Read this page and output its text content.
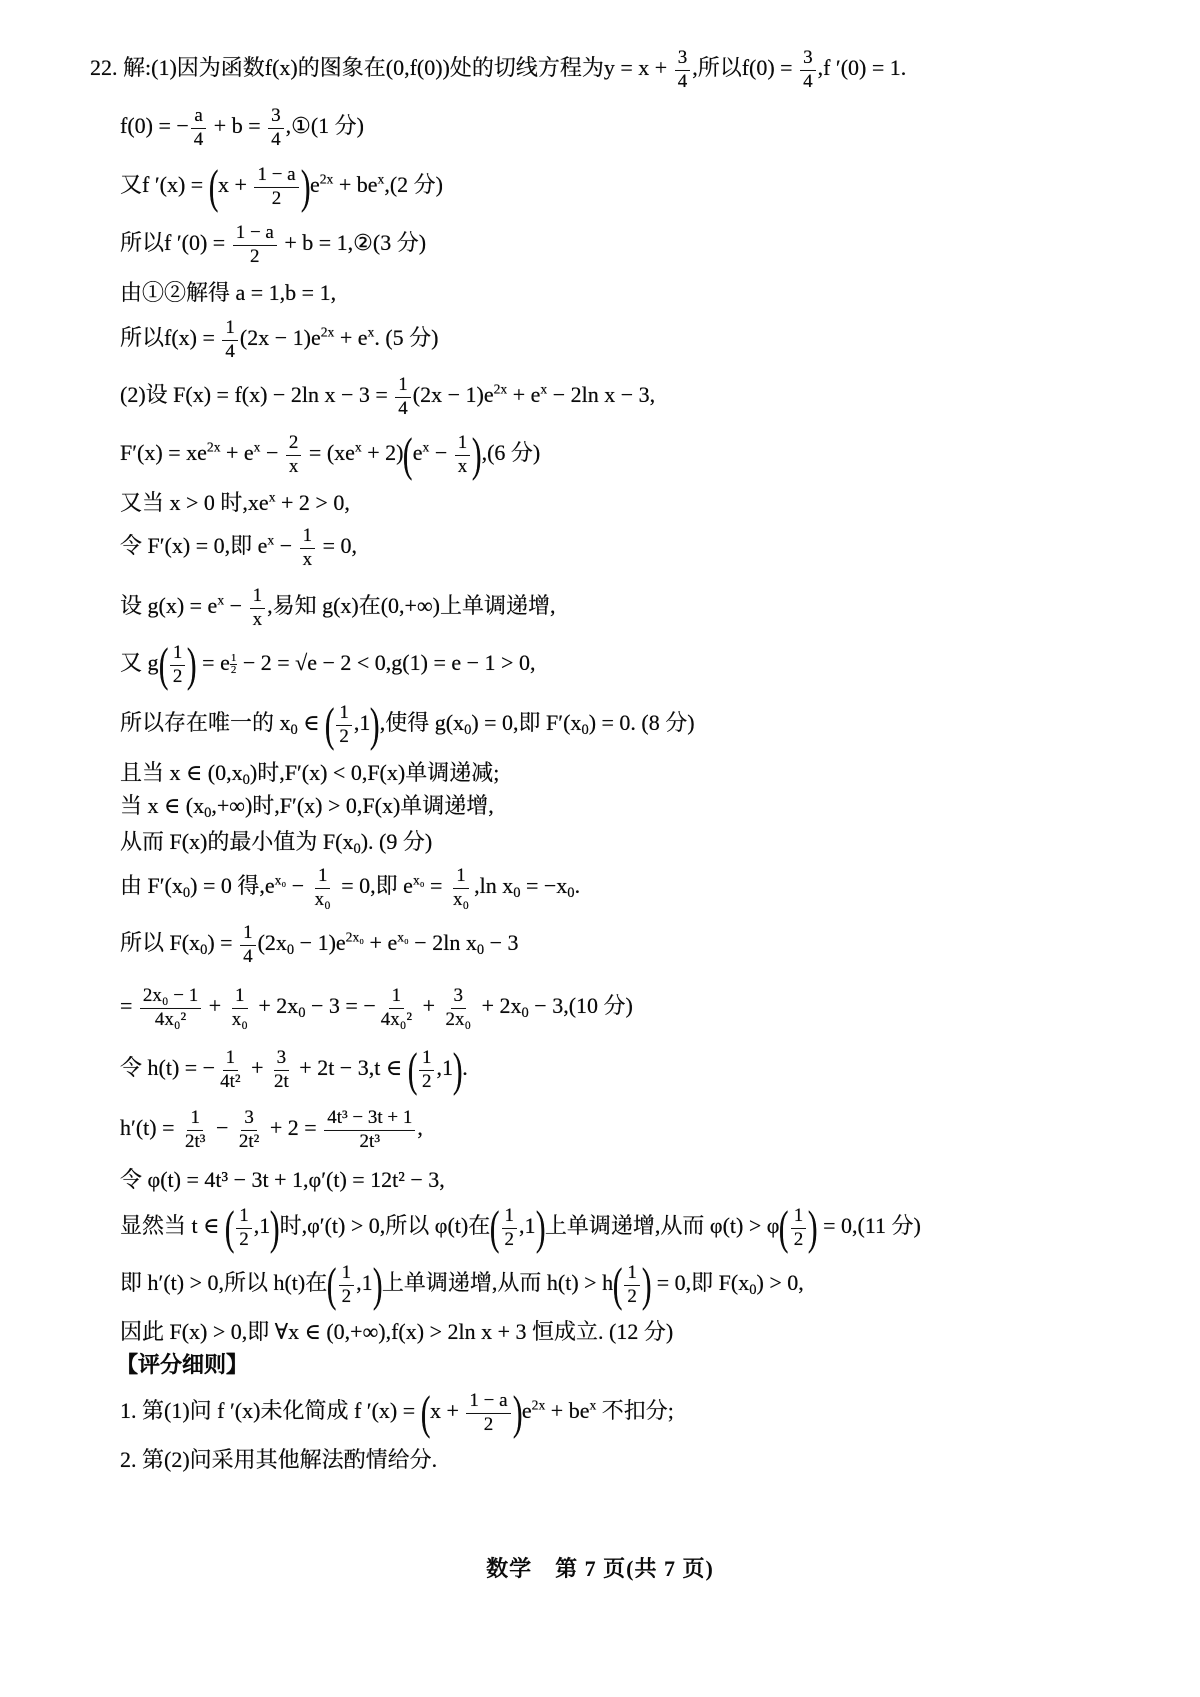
22. 解:(1)因为函数f(x)的图象在(0,f(0))处的切线方程为$y = x + \frac{3}{4}$ ,所以$f(0) = \frac{3}{4} ,f$ ′(0) = 1.
f(0) = − $\frac{a}{4} + b = \frac{3}{4}$ ,①(1 分)
又f $'(x) = (x + \frac{1 - a}{2} )e^{2x} + be^x,(2$ 分)
所以f $'(0) = \frac{1 - a}{2} + b$ = 1,②(3 分)
由①②解得 a = 1,b = 1,
所以$f(x) = \frac{1}{4} (2x - 1)e^{2x} + e^x$. (5 分)
(2)设 F(x) = f(x) − 2ln $x - 3 = \frac{1}{4} (2x - 1)e^{2x} + e^x - 2\ln$ x − 3,
$F'(x) = xe^{2x} + e^x - \frac{2}{x} = (xe^x + 2)(e^x - \frac{1}{x} ),(6$ 分)
又当 x > 0 时$,xe^x + 2 > 0$,
令 F′(x) = 0,即 $e^x - \frac{1}{x} = 0$,
设 $g(x) = e^x - \frac{1}{x}$ ,易知 g(x)在(0,+∞)上单调递增,
又 $g( \frac{1}{2}$ ) = e $\frac{1}{2} - 2 = √e - 2 < 0,g(1) = e - 1 > 0$,
所以存在唯一的 x0 ∈ ( $\frac{1}{2} ,1$),使得 g(x0) = 0,即 F′(x0) = 0. (8 分)
且当 x ∈ (0,x0)时,F′(x) < 0,F(x)单调递减;
当 x ∈ (x0,+∞)时,F′(x) > 0,F(x)单调递增,
从而 F(x)的最小值为 F(x0). (9 分)
由 F′(x0) = 0 得$,e^{x_0} - \frac{1}{\text{x₀}} = 0$,即 $e^{x_0} = \frac{1}{\text{x₀}} ,\ln$ x0 = −x0.
所以 $F(x0) = \frac{1}{4} (2x0 - 1)e^{2x_0} + e^{x_0} - 2\ln$ x0 − 3
= $\frac{\text{2x₀ − 1}}{\text{4x₀²}} + \frac{1}{\text{x₀}} + 2x0 - 3$ = − $\frac{1}{\text{4x₀²}} + \frac{3}{\text{2x₀}} + 2x0 - 3,(10$ 分)
令 h(t) = − $\frac{1}{\text{4t²}} + \frac{3}{2t} + 2t - 3,t$ ∈ ( $\frac{1}{2} ,1$).
$h'(t) = \frac{1}{\text{2t³}} - \frac{3}{\text{2t²}} + 2 = \frac{\text{4t³ − 3t + 1}}{\text{2t³}}$ ,
令 φ(t) = 4t³ − 3t + 1,φ′(t) = 12t² − 3,
显然当 t ∈ ( $\frac{1}{2} ,1$)时,φ′(t) > 0,所以 φ(t)在( $\frac{1}{2} ,1$)上单调递增,从而 $\varphi(t) > \varphi( \frac{1}{2}$ ) = 0,(11 分)
即 h′(t) > 0,所以 h(t)在( $\frac{1}{2} ,1$)上单调递增,从而 $h(t) > h( \frac{1}{2}$ ) = 0,即 F(x0) > 0,
因此 F(x) > 0,即 ∀x ∈ (0,+∞),f(x) > 2ln x + 3 恒成立. (12 分)
【评分细则】
1. 第(1)问 f ′(x)未化简成 f $'(x) = (x + \frac{1 - a}{2} )e^{2x} + be^x$ 不扣分;
2. 第(2)问采用其他解法酌情给分.
数学　第 7 页(共 7 页)
